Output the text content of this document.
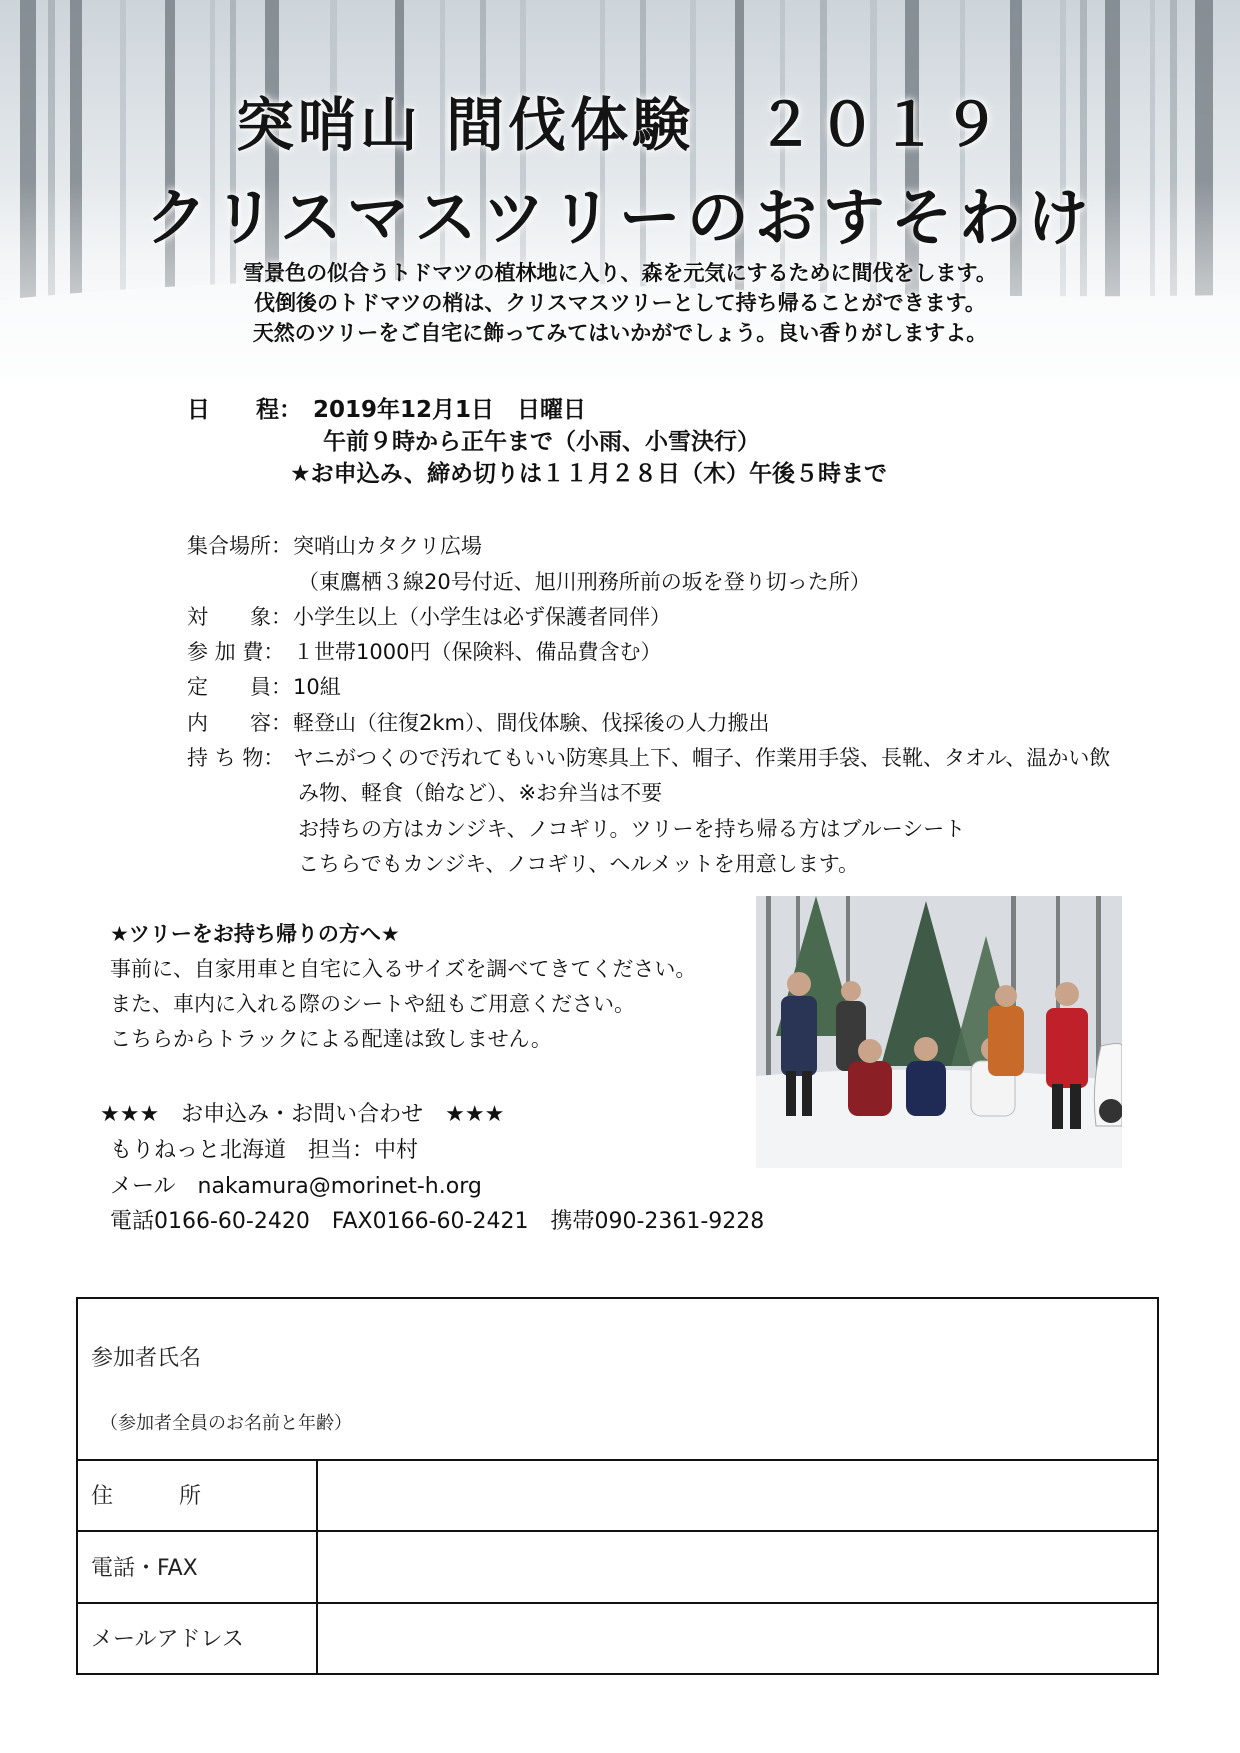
突哨山 間伐体験　２０１９
クリスマスツリーのおすそわけ
雪景色の似合うトドマツの植林地に入り、森を元気にするために間伐をします。
伐倒後のトドマツの梢は、クリスマスツリーとして持ち帰ることができます。
天然のツリーをご自宅に飾ってみてはいかがでしょう。良い香りがしますよ。
日　　程： 2019年12月1日　日曜日
午前９時から正午まで（小雨、小雪決行）
★お申込み、締め切りは１１月２８日（木）午後５時まで
集合場所： 突哨山カタクリ広場
（東鷹栖３線20号付近、旭川刑務所前の坂を登り切った所）
対　　象： 小学生以上（小学生は必ず保護者同伴）
参 加 費： １世帯1000円（保険料、備品費含む）
定　　員： 10組
内　　容： 軽登山（往復2km）、間伐体験、伐採後の人力搬出
持 ち 物： ヤニがつくので汚れてもいい防寒具上下、帽子、作業用手袋、長靴、タオル、温かい飲
み物、軽食（飴など）、※お弁当は不要
お持ちの方はカンジキ、ノコギリ。ツリーを持ち帰る方はブルーシート
こちらでもカンジキ、ノコギリ、ヘルメットを用意します。
★ツリーをお持ち帰りの方へ★
事前に、自家用車と自宅に入るサイズを調べてきてください。
また、車内に入れる際のシートや紐もご用意ください。
こちらからトラックによる配達は致しません。
★★★　お申込み・お問い合わせ　★★★
もりねっと北海道　担当：中村
メール　nakamura@morinet-h.org
電話0166-60-2420　FAX0166-60-2421　携帯090-2361-9228
参加者氏名
（参加者全員のお名前と年齢）
住　　　所
電話・FAX
メールアドレス
